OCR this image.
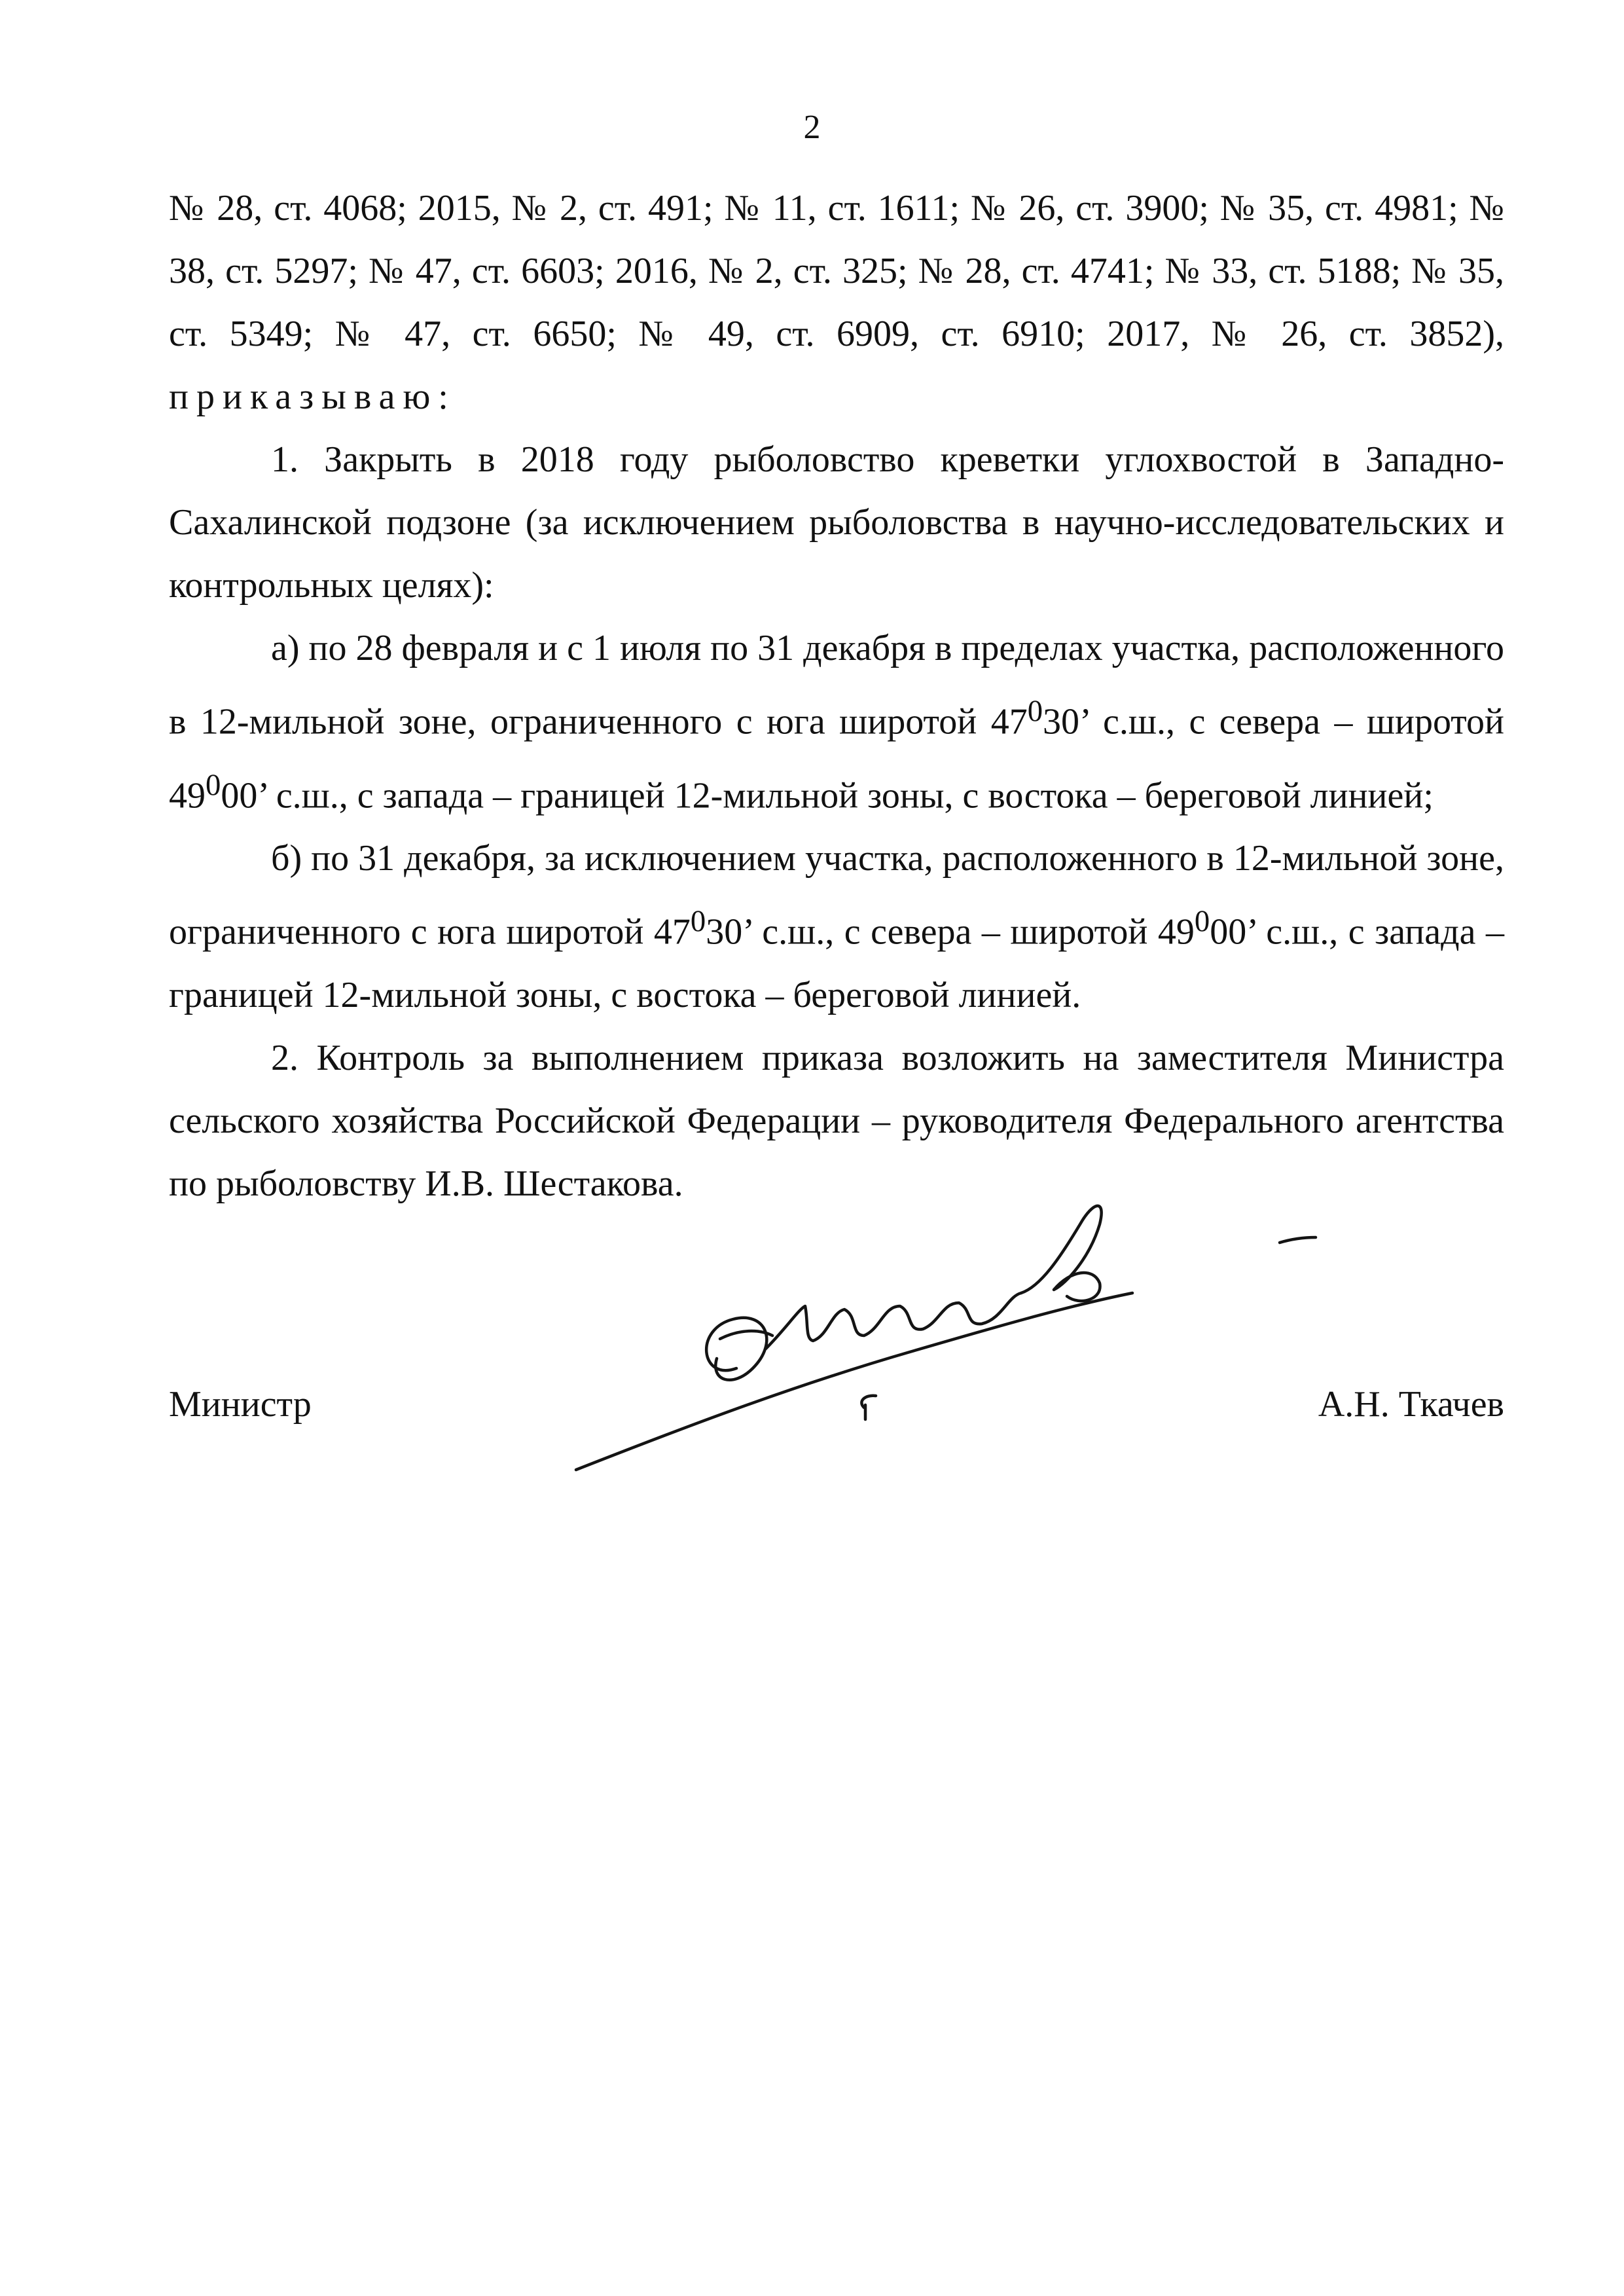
2

№ 28, ст. 4068; 2015, № 2, ст. 491; № 11, ст. 1611; № 26, ст. 3900; № 35, ст. 4981; № 38, ст. 5297; № 47, ст. 6603; 2016, № 2, ст. 325; № 28, ст. 4741; № 33, ст. 5188; № 35, ст. 5349; № 47, ст. 6650; № 49, ст. 6909, ст. 6910; 2017, № 26, ст. 3852), приказываю:

1. Закрыть в 2018 году рыболовство креветки углохвостой в Западно-Сахалинской подзоне (за исключением рыболовства в научно-исследовательских и контрольных целях):

а) по 28 февраля и с 1 июля по 31 декабря в пределах участка, расположенного в 12-мильной зоне, ограниченного с юга широтой $47^030$’ с.ш., с севера – широтой $49^000$’ с.ш., с запада – границей 12-мильной зоны, с востока – береговой линией;

б) по 31 декабря, за исключением участка, расположенного в 12-мильной зоне, ограниченного с юга широтой $47^030$’ с.ш., с севера – широтой $49^000$’ с.ш., с запада – границей 12-мильной зоны, с востока – береговой линией.

2. Контроль за выполнением приказа возложить на заместителя Министра сельского хозяйства Российской Федерации – руководителя Федерального агентства по рыболовству И.В. Шестакова.

Министр	А.Н. Ткачев
